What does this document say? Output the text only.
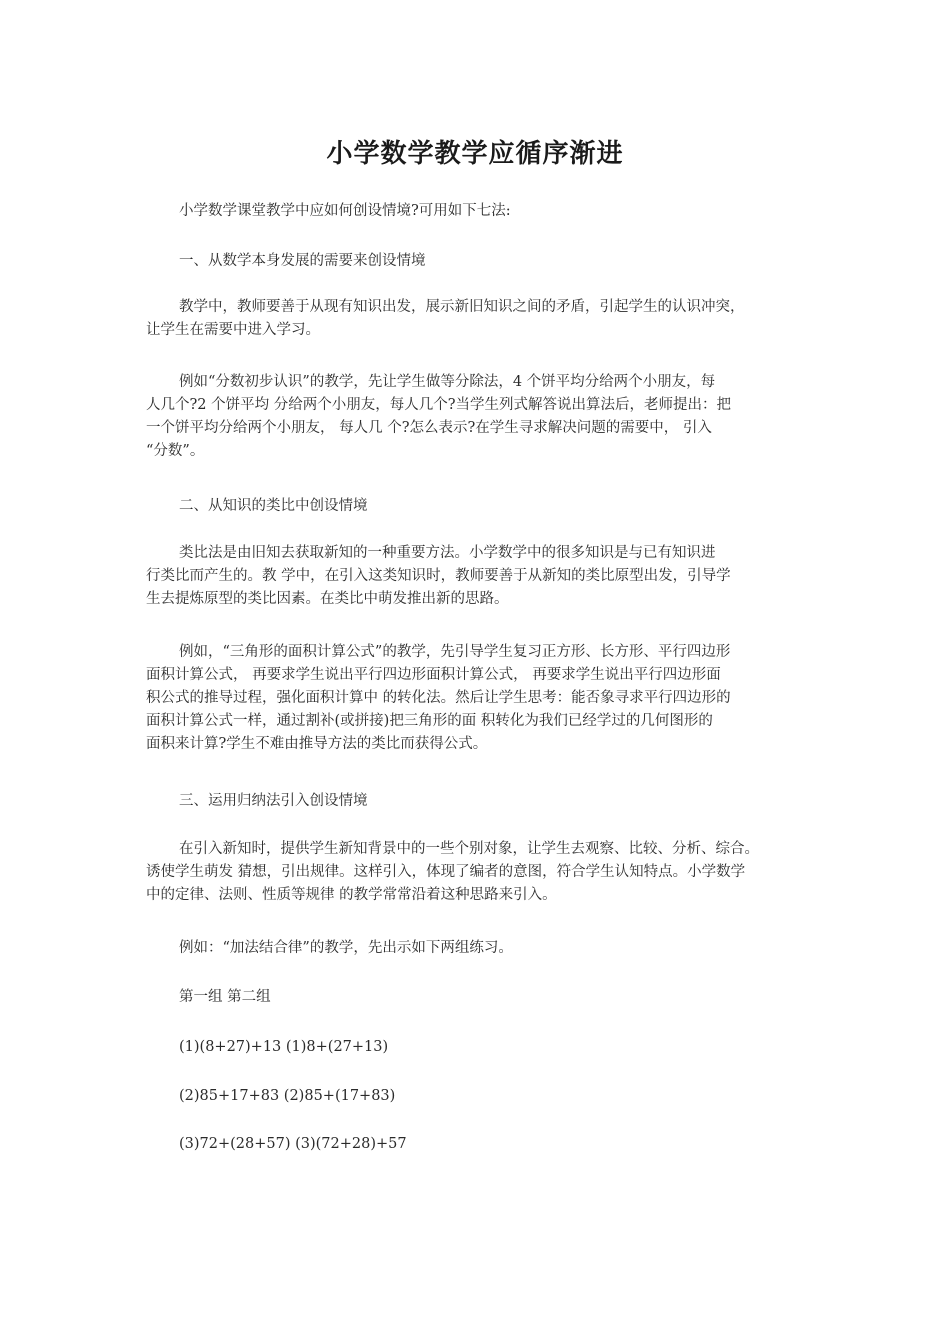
小学数学教学应循序渐进
小学数学课堂教学中应如何创设情境?可用如下七法:
一、从数学本身发展的需要来创设情境
教学中，教师要善于从现有知识出发，展示新旧知识之间的矛盾，引起学生的认识冲突，
让学生在需要中进入学习。
例如“分数初步认识”的教学，先让学生做等分除法，4 个饼平均分给两个小朋友，每
人几个?2 个饼平均 分给两个小朋友，每人几个?当学生列式解答说出算法后，老师提出：把
一个饼平均分给两个小朋友， 每人几 个?怎么表示?在学生寻求解决问题的需要中， 引入
“分数”。
二、从知识的类比中创设情境
类比法是由旧知去获取新知的一种重要方法。小学数学中的很多知识是与已有知识进
行类比而产生的。教 学中，在引入这类知识时，教师要善于从新知的类比原型出发，引导学
生去提炼原型的类比因素。在类比中萌发推出新的思路。
例如，“三角形的面积计算公式”的教学，先引导学生复习正方形、长方形、平行四边形
面积计算公式， 再要求学生说出平行四边形面积计算公式， 再要求学生说出平行四边形面
积公式的推导过程，强化面积计算中 的转化法。然后让学生思考：能否象寻求平行四边形的
面积计算公式一样，通过割补(或拼接)把三角形的面 积转化为我们已经学过的几何图形的
面积来计算?学生不难由推导方法的类比而获得公式。
三、运用归纳法引入创设情境
在引入新知时，提供学生新知背景中的一些个别对象，让学生去观察、比较、分析、综合。
诱使学生萌发 猜想，引出规律。这样引入，体现了编者的意图，符合学生认知特点。小学数学
中的定律、法则、性质等规律 的教学常常沿着这种思路来引入。
例如：“加法结合律”的教学，先出示如下两组练习。
第一组 第二组
(1)(8+27)+13 (1)8+(27+13)
(2)85+17+83 (2)85+(17+83)
(3)72+(28+57) (3)(72+28)+57
